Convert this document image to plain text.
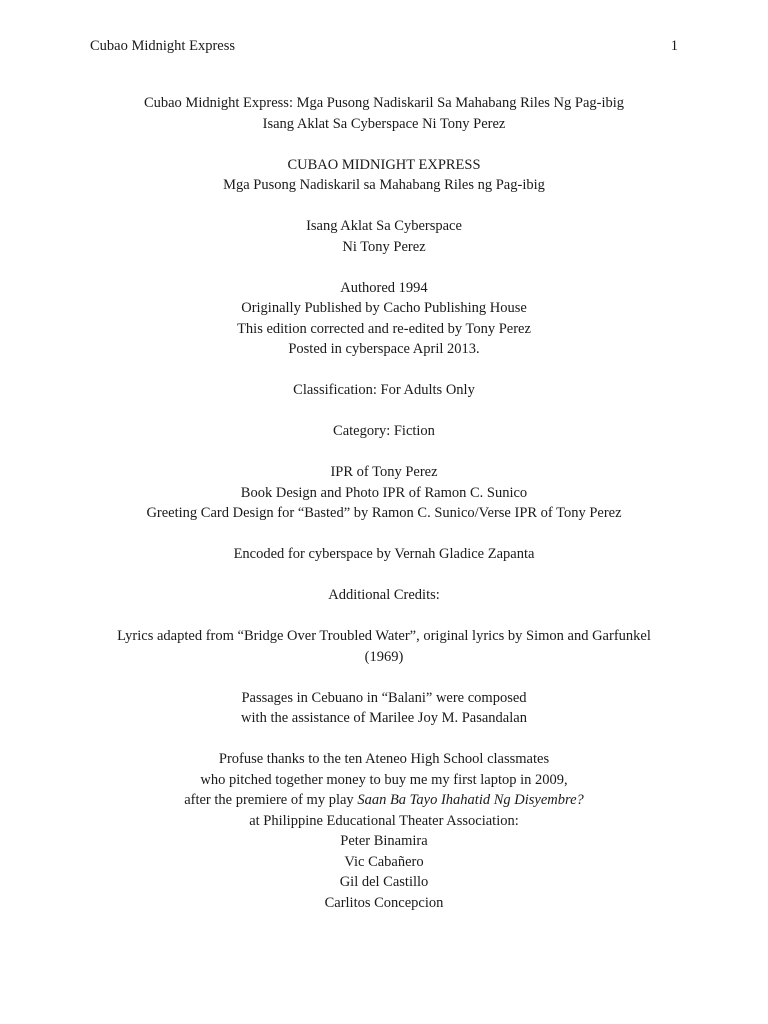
Cubao Midnight Express	1
Cubao Midnight Express: Mga Pusong Nadiskaril Sa Mahabang Riles Ng Pag-ibig
Isang Aklat Sa Cyberspace Ni Tony Perez
CUBAO MIDNIGHT EXPRESS
Mga Pusong Nadiskaril sa Mahabang Riles ng Pag-ibig
Isang Aklat Sa Cyberspace
Ni Tony Perez
Authored 1994
Originally Published by Cacho Publishing House
This edition corrected and re-edited by Tony Perez
Posted in cyberspace April 2013.
Classification: For Adults Only
Category: Fiction
IPR of Tony Perez
Book Design and Photo IPR of Ramon C. Sunico
Greeting Card Design for “Basted” by Ramon C. Sunico/Verse IPR of Tony Perez
Encoded for cyberspace by Vernah Gladice Zapanta
Additional Credits:
Lyrics adapted from “Bridge Over Troubled Water”, original lyrics by Simon and Garfunkel
(1969)
Passages in Cebuano in “Balani” were composed
with the assistance of Marilee Joy M. Pasandalan
Profuse thanks to the ten Ateneo High School classmates
who pitched together money to buy me my first laptop in 2009,
after the premiere of my play Saan Ba Tayo Ihahatid Ng Disyembre?
at Philippine Educational Theater Association:
Peter Binamira
Vic Cabañero
Gil del Castillo
Carlitos Concepcion
